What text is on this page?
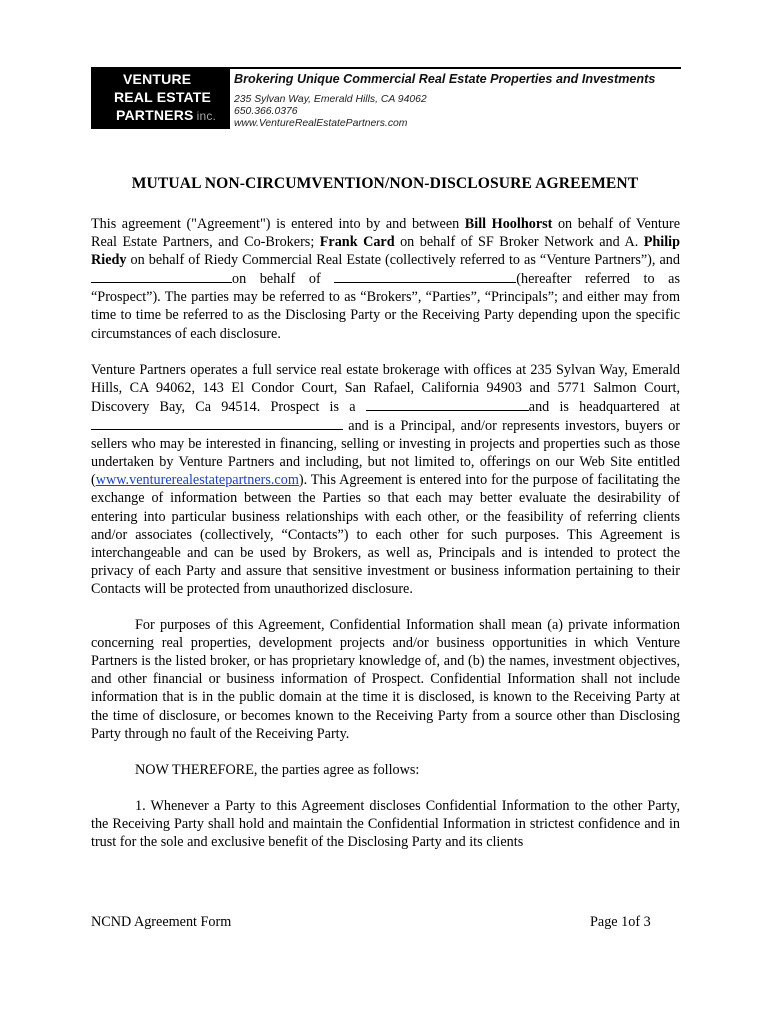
VENTURE
REAL ESTATE
PARTNERS inc.
Brokering Unique Commercial Real Estate Properties and Investments
235 Sylvan Way, Emerald Hills, CA 94062
650.366.0376
www.VentureRealEstatePartners.com
MUTUAL NON-CIRCUMVENTION/NON-DISCLOSURE AGREEMENT

This agreement ("Agreement") is entered into by and between Bill Hoolhorst on behalf of Venture Real Estate Partners, and Co-Brokers; Frank Card on behalf of SF Broker Network and A. Philip Riedy on behalf of Riedy Commercial Real Estate (collectively referred to as “Venture Partners”), and on behalf of	(hereafter referred to as “Prospect”). The parties may be referred to as “Brokers”, “Parties”, “Principals”; and either may from time to time be referred to as the Disclosing Party or the Receiving Party depending upon the specific circumstances of each disclosure.

Venture Partners operates a full service real estate brokerage with offices at 235 Sylvan Way, Emerald Hills, CA 94062, 143 El Condor Court, San Rafael, California 94903 and 5771 Salmon Court, Discovery Bay, Ca 94514. Prospect is a	and is headquartered at  and is a Principal, and/or represents investors, buyers or sellers who may be interested in financing, selling or investing in projects and properties such as those undertaken by Venture Partners and including, but not limited to, offerings on our Web Site entitled (www.venturerealestatepartners.com). This Agreement is entered into for the purpose of facilitating the exchange of information between the Parties so that each may better evaluate the desirability of entering into particular business relationships with each other, or the feasibility of referring clients and/or associates (collectively, “Contacts”) to each other for such purposes. This Agreement is interchangeable and can be used by Brokers, as well as, Principals and is intended to protect the privacy of each Party and assure that sensitive investment or business information pertaining to their Contacts will be protected from unauthorized disclosure.

For purposes of this Agreement, Confidential Information shall mean (a) private information concerning real properties, development projects and/or business opportunities in which Venture Partners is the listed broker, or has proprietary knowledge of, and (b) the names, investment objectives, and other financial or business information of Prospect. Confidential Information shall not include information that is in the public domain at the time it is disclosed, is known to the Receiving Party at the time of disclosure, or becomes known to the Receiving Party from a source other than Disclosing Party through no fault of the Receiving Party.

NOW THEREFORE, the parties agree as follows:

1. Whenever a Party to this Agreement discloses Confidential Information to the other Party, the Receiving Party shall hold and maintain the Confidential Information in strictest confidence and in trust for the sole and exclusive benefit of the Disclosing Party and its clients

NCND Agreement Form	Page 1of 3
